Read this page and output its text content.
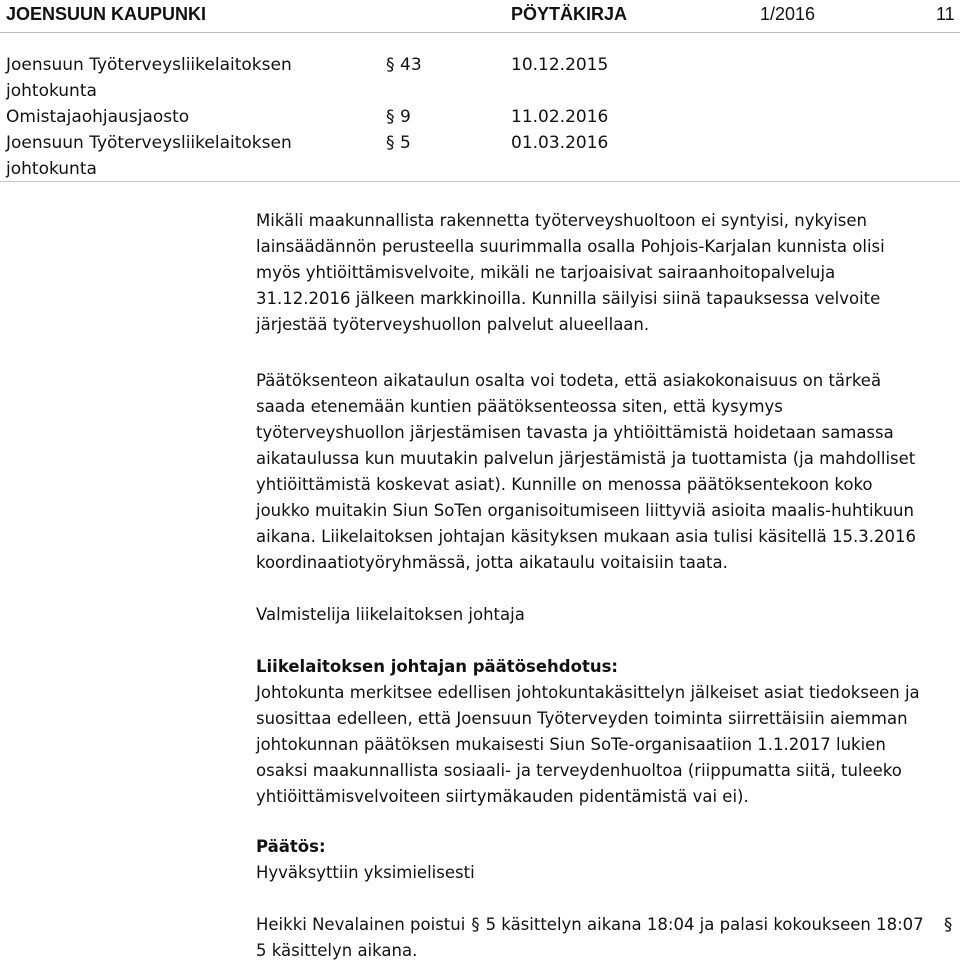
JOENSUUN KAUPUNKI	PÖYTÄKIRJA	1/2016	11
Joensuun Työterveysliikelaitoksen	§ 43	10.12.2015
johtokunta
Omistajaohjausjaosto	§ 9	11.02.2016
Joensuun Työterveysliikelaitoksen	§ 5	01.03.2016
johtokunta

Mikäli maakunnallista rakennetta työterveyshuoltoon ei syntyisi, nykyisen

lainsäädännön perusteella suurimmalla osalla Pohjois-Karjalan kunnista olisi

myös yhtiöittämisvelvoite, mikäli ne tarjoaisivat sairaanhoitopalveluja

31.12.2016 jälkeen markkinoilla. Kunnilla säilyisi siinä tapauksessa velvoite

järjestää työterveyshuollon palvelut alueellaan.

Päätöksenteon aikataulun osalta voi todeta, että asiakokonaisuus on tärkeä

saada etenemään kuntien päätöksenteossa siten, että kysymys

työterveyshuollon järjestämisen tavasta ja yhtiöittämistä hoidetaan samassa

aikataulussa kun muutakin palvelun järjestämistä ja tuottamista (ja mahdolliset

yhtiöittämistä koskevat asiat). Kunnille on menossa päätöksentekoon koko

joukko muitakin Siun SoTen organisoitumiseen liittyviä asioita maalis-huhtikuun

aikana. Liikelaitoksen johtajan käsityksen mukaan asia tulisi käsitellä 15.3.2016

koordinaatiotyöryhmässä, jotta aikataulu voitaisiin taata.

Valmistelija liikelaitoksen johtaja

Liikelaitoksen johtajan päätösehdotus:

Johtokunta merkitsee edellisen johtokuntakäsittelyn jälkeiset asiat tiedokseen ja

suosittaa edelleen, että Joensuun Työterveyden toiminta siirrettäisiin aiemman

johtokunnan päätöksen mukaisesti Siun SoTe-organisaatiion 1.1.2017 lukien

osaksi maakunnallista sosiaali- ja terveydenhuoltoa (riippumatta siitä, tuleeko

yhtiöittämisvelvoiteen siirtymäkauden pidentämistä vai ei).

Päätös:

Hyväksyttiin yksimielisesti

Heikki Nevalainen poistui § 5 käsittelyn aikana 18:04 ja palasi kokoukseen 18:07 §

5 käsittelyn aikana.
